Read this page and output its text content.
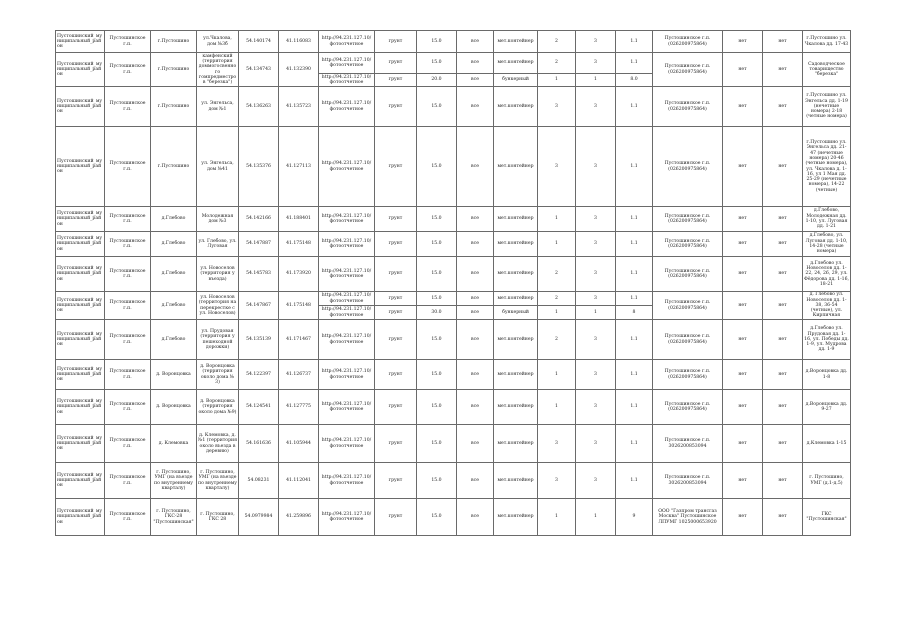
Пустошинский_муниципальный_район	Пустошинское г.п.	г.Пустошино	ул.Чкалова, дом №3б	54.140174	41.116083	http://94.231.127.10/фотоотчетное	грунт	15.0	все	мет.контейнер	2	3	1.1	Пустошинское г.п. (026200975864)	нет	нет	г.Пустошино ул. Чкалова дд. 17-43
Пустошинский_муниципальный_район	Пустошинское г.п.	г.Пустошино	камфенский (территория доммогосвенного гомпредместров "березка")	54.134743	41.132390	http://94.231.127.10/фотоотчетное	грунт	15.0	все	мет.контейнер	2	3	1.1	Пустошинское г.п. (026200975864)	нет	нет	Садоводческое товарищество "березка"
						http://94.231.127.10/фотоотчетное	грунт	20.0	все	бункерный	1	1	8.0				
Пустошинский_муниципальный_район	Пустошинское г.п.	г.Пустошино	ул. Энгельса, дом №1	54.136263	41.135723	http://94.231.127.10/фотоотчетное	грунт	15.0	все	мет.контейнер	3	3	1.1	Пустошинское г.п. (026200975864)	нет	нет	г.Пустошино ул. Энгельса дд. 1-19 (нечетные номера) 2-18 (четные номера)
Пустошинский_муниципальный_район	Пустошинское г.п.	г.Пустошино	ул. Энгельса, дом №41	54.135376	41.127113	http://94.231.127.10/фотоотчетное	грунт	15.0	все	мет.контейнер	3	3	1.1	Пустошинское г.п. (026200975864)	нет	нет	г.Пустошино ул. Энгельса дд. 21-47 (нечетные номера) 20-46 (четные номера), ул. Чкалова д. 1-16, ул 1 Мая дд. 25-29 (нечетные номера), 14-22 (четные)
Пустошинский_муниципальный_район	Пустошинское г.п.	д.Глебово	Молодежная дом №3	54.142166	41.188401	http://94.231.127.10/фотоотчетное	грунт	15.0	все	мет.контейнер	1	3	1.1	Пустошинское г.п. (026200975864)	нет	нет	д.Глебово, Молодежная дд. 1-10, ул. Луговая дд. 1-21
Пустошинский_муниципальный_район	Пустошинское г.п.	д.Глебово	ул. Глебово, ул. Луговая	54.147887	41.175148	http://94.231.127.10/фотоотчетное	грунт	15.0	все	мет.контейнер	1	3	1.1	Пустошинское г.п. (026200975864)	нет	нет	д.Глебово, ул. Луговая дд. 1-10, 14-28 (четные номера)
Пустошинский_муниципальный_район	Пустошинское г.п.	д.Глебово	ул. Новоселов (территория у въезда)	54.145783	41.173920	http://94.231.127.10/фотоотчетное	грунт	15.0	все	мет.контейнер	2	3	1.1	Пустошинское г.п. (026200975864)	нет	нет	д.Глебово ул. Новоселов дд. 1-22, 24, 26, 29, ул. Фёдорова дд. 1-16, 18-21
Пустошинский_муниципальный_район	Пустошинское г.п.	д.Глебово	ул. Новоселов (территория на перекрестке с ул. Новоселов)	54.147867	41.175148	http://94.231.127.10/фотоотчетное	грунт	15.0	все	мет.контейнер	2	3	1.1	Пустошинское г.п. (026200975864)	нет	нет	д. Глебово ул. Новоселов дд. 1-38, 36-54 (четные), ул. Кирпичная
						http://94.231.127.10/фотоотчетное	грунт	30.0	все	бункерный	1	1	8				
Пустошинский_муниципальный_район	Пустошинское г.п.	д.Глебово	ул. Прудовая (территория у пешеходной дорожки)	54.135139	41.171467	http://94.231.127.10/фотоотчетное	грунт	15.0	все	мет.контейнер	2	3	1.1	Пустошинское г.п. (026200975864)	нет	нет	д.Глебово ул. Прудовая дд. 1-16, ул. Победы дд. 1-9, ул. Мудрова дд. 1-9
Пустошинский_муниципальный_район	Пустошинское г.п.	д. Воронцовка	д. Воронцовка (территория около дома № 3)	54.122397	41.126737	http://94.231.127.10/фотоотчетное	грунт	15.0	все	мет.контейнер	1	3	1.1	Пустошинское г.п. (026200975864)	нет	нет	д.Воронцовка дд. 1-8
Пустошинский_муниципальный_район	Пустошинское г.п.	д. Воронцовка	д. Воронцовка (территория около дома №9)	54.124541	41.127775	http://94.231.127.10/фотоотчетное	грунт	15.0	все	мет.контейнер	1	3	1.1	Пустошинское г.п. (026200975864)	нет	нет	д.Воронцовка дд. 9-27
Пустошинский_муниципальный_район	Пустошинское г.п.	д. Клемовка	д. Клемовка, д.№1 (территория около въезда в деревню)	54.161636	41.105944	http://94.231.127.10/фотоотчетное	грунт	15.0	все	мет.контейнер	3	3	1.1	Пустошинское г.п. 3026200853094	нет	нет	д.Клемовка 1-15
Пустошинский_муниципальный_район	Пустошинское г.п.	г. Пустошино, УМГ (на въезде по внутреннему кварталу)	г. Пустошино, УМГ (на въезде по внутреннему кварталу)	54.08231	41.112041	http://94.231.127.10/фотоотчетное	грунт	15.0	все	мет.контейнер	3	3	1.1	Пустошинское г.п. 3026200853094	нет	нет	г. Пустошино, УМГ (д.1-д.5)
Пустошинский_муниципальный_район	Пустошинское г.п.	г. Пустошино, ГКС-28 "Пустошинская"	г. Пустошино, ГКС 28	54.0979984	41.259896	http://94.231.127.10/фотоотчетное	грунт	15.0	все	мет.контейнер	1	1	9	ООО "Газпром трансгаз Москва" Пустошинское ЛПУМГ 1025000653920	нет	нет	ГКС "Пустошинская"
